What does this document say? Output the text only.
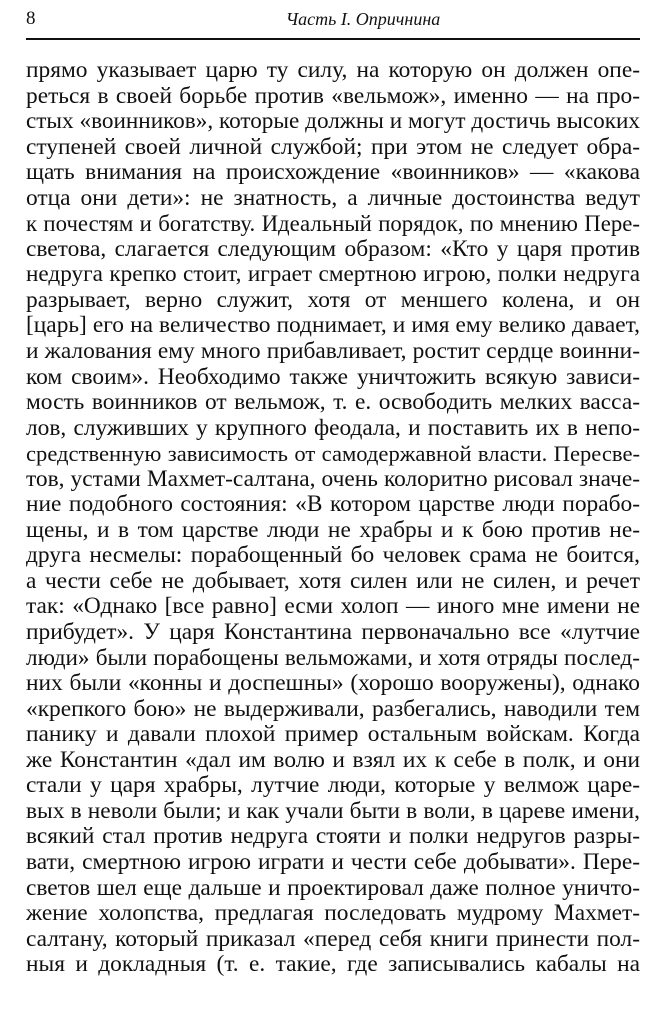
8	Часть I. Опричнина
прямо указывает царю ту силу, на которую он должен опе-
реться в своей борьбе против «вельмож», именно — на про-
стых «воинников», которые должны и могут достичь высоких
ступеней своей личной службой; при этом не следует обра-
щать внимания на происхождение «воинников» — «какова
отца они дети»: не знатность, а личные достоинства ведут
к почестям и богатству. Идеальный порядок, по мнению Пере-
светова, слагается следующим образом: «Кто у царя против
недруга крепко стоит, играет смертною игрою, полки недруга
разрывает, верно служит, хотя от меншего колена, и он
[царь] его на величество поднимает, и имя ему велико давает,
и жалования ему много прибавливает, ростит сердце воинни-
ком своим». Необходимо также уничтожить всякую зависи-
мость воинников от вельмож, т. е. освободить мелких васса-
лов, служивших у крупного феодала, и поставить их в непо-
средственную зависимость от самодержавной власти. Пересве-
тов, устами Махмет-салтана, очень колоритно рисовал значе-
ние подобного состояния: «В котором царстве люди порабо-
щены, и в том царстве люди не храбры и к бою против не-
друга несмелы: порабощенный бо человек срама не боится,
а чести себе не добывает, хотя силен или не силен, и речет
так: «Однако [все равно] есми холоп — иного мне имени не
прибудет». У царя Константина первоначально все «лутчие
люди» были порабощены вельможами, и хотя отряды послед-
них были «конны и доспешны» (хорошо вооружены), однако
«крепкого бою» не выдерживали, разбегались, наводили тем
панику и давали плохой пример остальным войскам. Когда
же Константин «дал им волю и взял их к себе в полк, и они
стали у царя храбры, лутчие люди, которые у велмож царе-
вых в неволи были; и как учали быти в воли, в цареве имени,
всякий стал против недруга стояти и полки недругов разры-
вати, смертною игрою играти и чести себе добывати». Пере-
светов шел еще дальше и проектировал даже полное уничто-
жение холопства, предлагая последовать мудрому Махмет-
салтану, который приказал «перед себя книги принести пол-
ныя и докладныя (т. е. такие, где записывались кабалы на
